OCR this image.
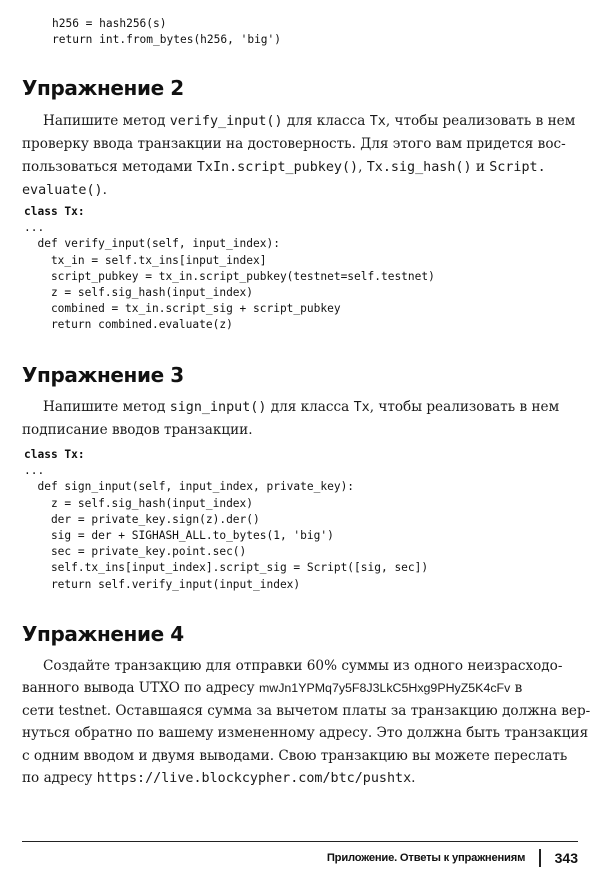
h256 = hash256(s)
return int.from_bytes(h256, 'big')
Упражнение 2
Напишите метод verify_input() для класса Tx, чтобы реализовать в нем
проверку ввода транзакции на достоверность. Для этого вам придется вос-
пользоваться методами TxIn.script_pubkey(), Tx.sig_hash() и Script.
evaluate().
class Tx:
...
def verify_input(self, input_index):
tx_in = self.tx_ins[input_index]
script_pubkey = tx_in.script_pubkey(testnet=self.testnet)
z = self.sig_hash(input_index)
combined = tx_in.script_sig + script_pubkey
return combined.evaluate(z)
Упражнение 3
Напишите метод sign_input() для класса Tx, чтобы реализовать в нем
подписание вводов транзакции.
class Tx:
...
def sign_input(self, input_index, private_key):
z = self.sig_hash(input_index)
der = private_key.sign(z).der()
sig = der + SIGHASH_ALL.to_bytes(1, 'big')
sec = private_key.point.sec()
self.tx_ins[input_index].script_sig = Script([sig, sec])
return self.verify_input(input_index)
Упражнение 4
Создайте транзакцию для отправки 60% суммы из одного неизрасходо-
ванного вывода UTXO по адресу mwJn1YPMq7y5F8J3LkC5Hxg9PHyZ5K4cFv в
сети testnet. Оставшаяся сумма за вычетом платы за транзакцию должна вер-
нуться обратно по вашему измененному адресу. Это должна быть транзакция
с одним вводом и двумя выводами. Свою транзакцию вы можете переслать
по адресу https://live.blockcypher.com/btc/pushtx.
Приложение. Ответы к упражнениям 343
